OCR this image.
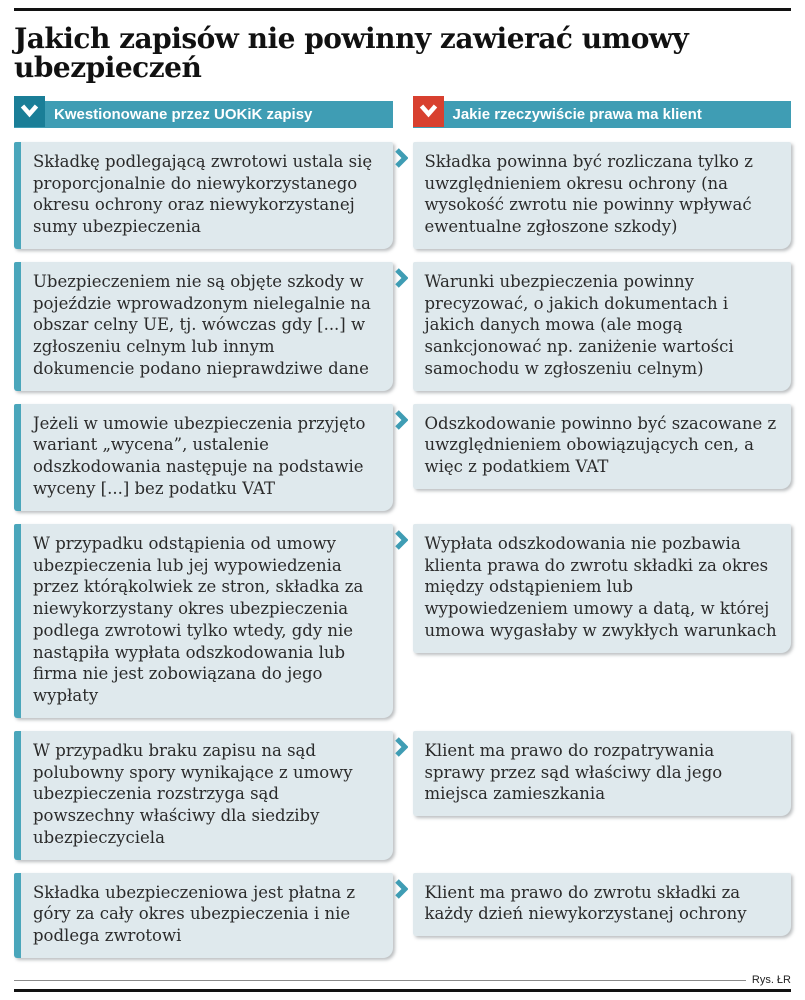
Jakich zapisów nie powinny zawierać umowy ubezpieczeń
Kwestionowane przez UOKiK zapisy	Jakie rzeczywiście prawa ma klient

Składkę podlegającą zwrotowi ustala się proporcjonalnie do niewykorzystanego okresu ochrony oraz niewykorzystanej sumy ubezpieczenia

Składka powinna być rozliczana tylko z uwzględnieniem okresu ochrony (na wysokość zwrotu nie powinny wpływać ewentualne zgłoszone szkody)

Ubezpieczeniem nie są objęte szkody w pojeździe wprowadzonym nielegalnie na obszar celny UE, tj. wówczas gdy [...] w zgłoszeniu celnym lub innym dokumencie podano nieprawdziwe dane

Warunki ubezpieczenia powinny precyzować, o jakich dokumentach i jakich danych mowa (ale mogą sankcjonować np. zaniżenie wartości samochodu w zgłoszeniu celnym)

Jeżeli w umowie ubezpieczenia przyjęto wariant „wycena”, ustalenie odszkodowania następuje na podstawie wyceny [...] bez podatku VAT

Odszkodowanie powinno być szacowane z uwzględnieniem obowiązujących cen, a więc z podatkiem VAT

W przypadku odstąpienia od umowy ubezpieczenia lub jej wypowiedzenia przez którąkolwiek ze stron, składka za niewykorzystany okres ubezpieczenia podlega zwrotowi tylko wtedy, gdy nie nastąpiła wypłata odszkodowania lub firma nie jest zobowiązana do jego wypłaty

Wypłata odszkodowania nie pozbawia klienta prawa do zwrotu składki za okres między odstąpieniem lub wypowiedzeniem umowy a datą, w której umowa wygasłaby w zwykłych warunkach

W przypadku braku zapisu na sąd polubowny spory wynikające z umowy ubezpieczenia rozstrzyga sąd powszechny właściwy dla siedziby ubezpieczyciela

Klient ma prawo do rozpatrywania sprawy przez sąd właściwy dla jego miejsca zamieszkania

Składka ubezpieczeniowa jest płatna z góry za cały okres ubezpieczenia i nie podlega zwrotowi

Klient ma prawo do zwrotu składki za każdy dzień niewykorzystanej ochrony

Rys. ŁR
